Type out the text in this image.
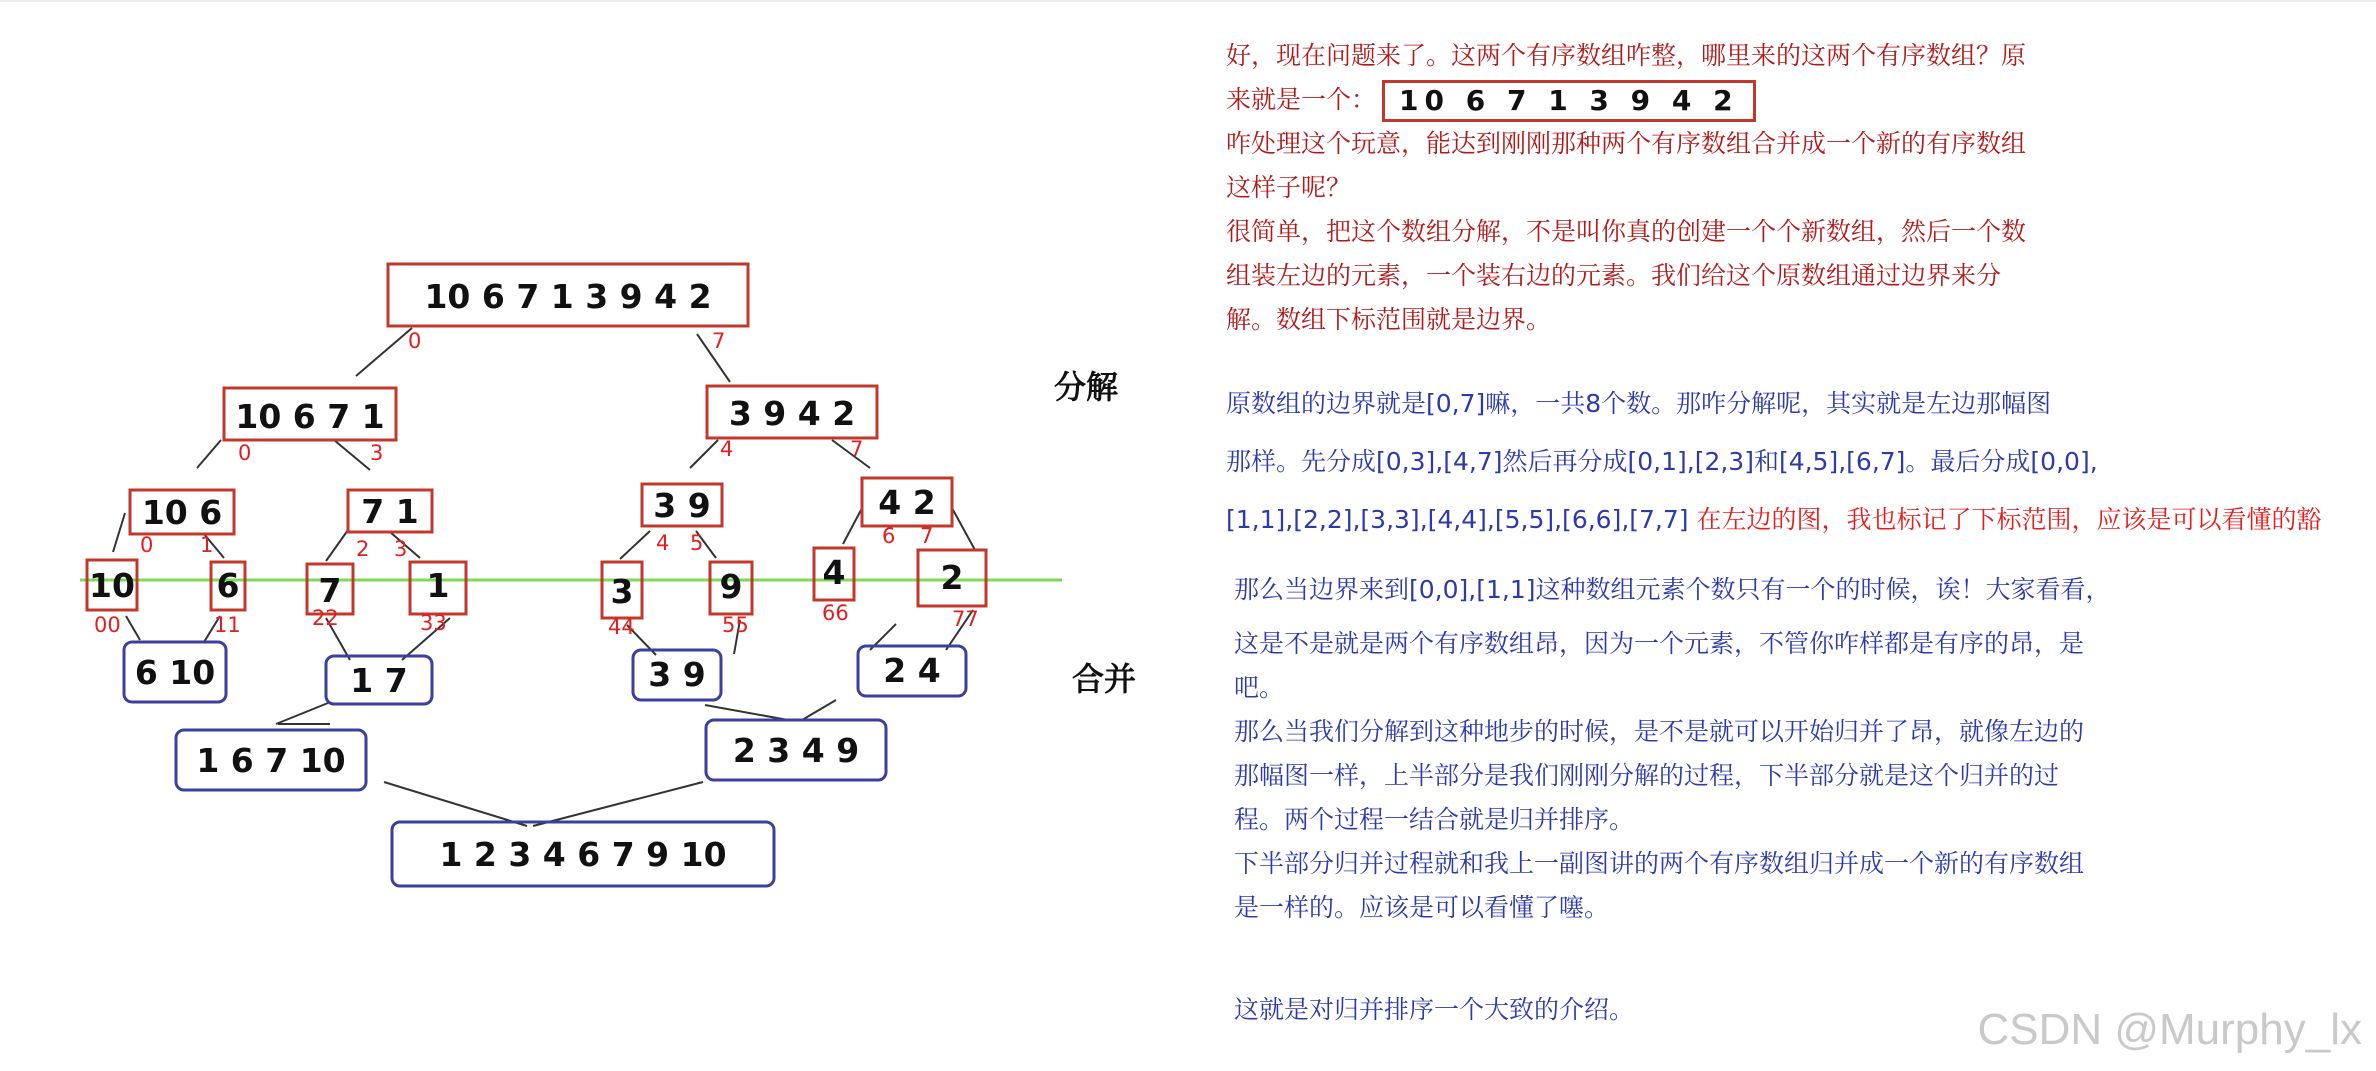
10 6 7 1 3 9 4 2
0	7
10 6 7 1
0	3
3 9 4 2
4	7
10 6
0 1
7 1
2 3
3 9
4 5
4 2
6 7
10
00
6
11
7
22
1
33
3
44
9
55
4
66
2
77
6 10	1 7	3 9	2 4
1 6 7 10	2 3 4 9
1 2 3 4 6 7 9 10
分解
合并
好，现在问题来了。这两个有序数组咋整，哪里来的这两个有序数组？原
来就是一个： 10 6 7 1 3 9 4 2
咋处理这个玩意，能达到刚刚那种两个有序数组合并成一个新的有序数组
这样子呢？
很简单，把这个数组分解，不是叫你真的创建一个个新数组，然后一个数
组装左边的元素，一个装右边的元素。我们给这个原数组通过边界来分
解。数组下标范围就是边界。
原数组的边界就是[0,7]嘛，一共8个数。那咋分解呢，其实就是左边那幅图
那样。先分成[0,3],[4,7]然后再分成[0,1],[2,3]和[4,5],[6,7]。最后分成[0,0],
[1,1],[2,2],[3,3],[4,4],[5,5],[6,6],[7,7] 在左边的图，我也标记了下标范围，应该是可以看懂的豁
那么当边界来到[0,0],[1,1]这种数组元素个数只有一个的时候，诶！大家看看，
这是不是就是两个有序数组昂，因为一个元素，不管你咋样都是有序的昂，是
吧。
那么当我们分解到这种地步的时候，是不是就可以开始归并了昂，就像左边的
那幅图一样，上半部分是我们刚刚分解的过程，下半部分就是这个归并的过
程。两个过程一结合就是归并排序。
下半部分归并过程就和我上一副图讲的两个有序数组归并成一个新的有序数组
是一样的。应该是可以看懂了噻。
这就是对归并排序一个大致的介绍。	CSDN @Murphy_lx
